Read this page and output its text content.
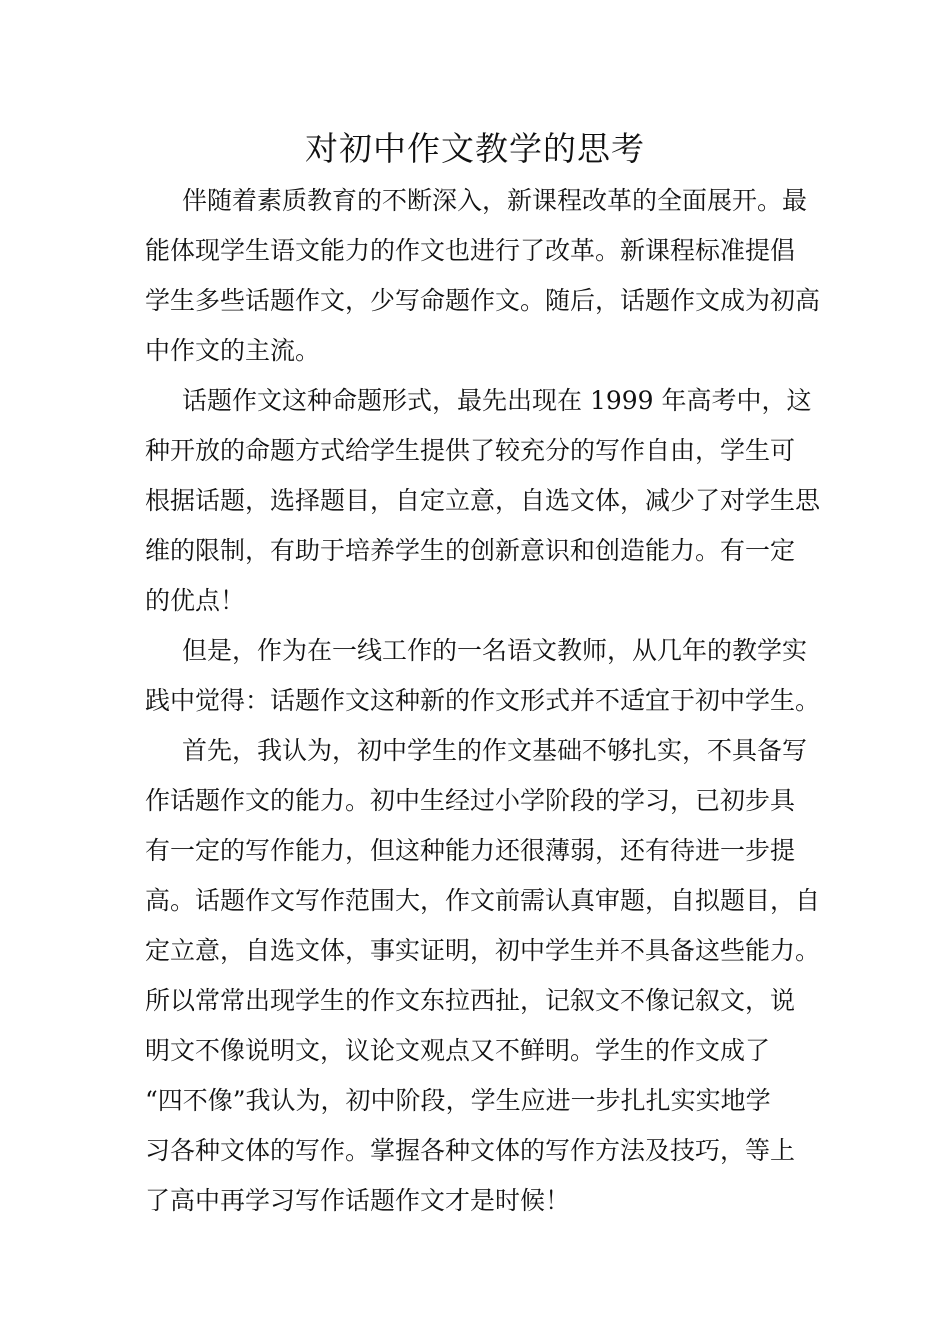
对初中作文教学的思考

伴随着素质教育的不断深入，新课程改革的全面展开。最
能体现学生语文能力的作文也进行了改革。新课程标准提倡
学生多些话题作文，少写命题作文。随后，话题作文成为初高
中作文的主流。

话题作文这种命题形式，最先出现在 1999 年高考中，这
种开放的命题方式给学生提供了较充分的写作自由，学生可
根据话题，选择题目，自定立意，自选文体，减少了对学生思
维的限制，有助于培养学生的创新意识和创造能力。有一定
的优点！

但是，作为在一线工作的一名语文教师，从几年的教学实
践中觉得：话题作文这种新的作文形式并不适宜于初中学生。

首先，我认为，初中学生的作文基础不够扎实，不具备写
作话题作文的能力。初中生经过小学阶段的学习，已初步具
有一定的写作能力，但这种能力还很薄弱，还有待进一步提
高。话题作文写作范围大，作文前需认真审题，自拟题目，自
定立意，自选文体，事实证明，初中学生并不具备这些能力。
所以常常出现学生的作文东拉西扯，记叙文不像记叙文，说
明文不像说明文，议论文观点又不鲜明。学生的作文成了
“四不像”我认为，初中阶段，学生应进一步扎扎实实地学
习各种文体的写作。掌握各种文体的写作方法及技巧，等上
了高中再学习写作话题作文才是时候！
